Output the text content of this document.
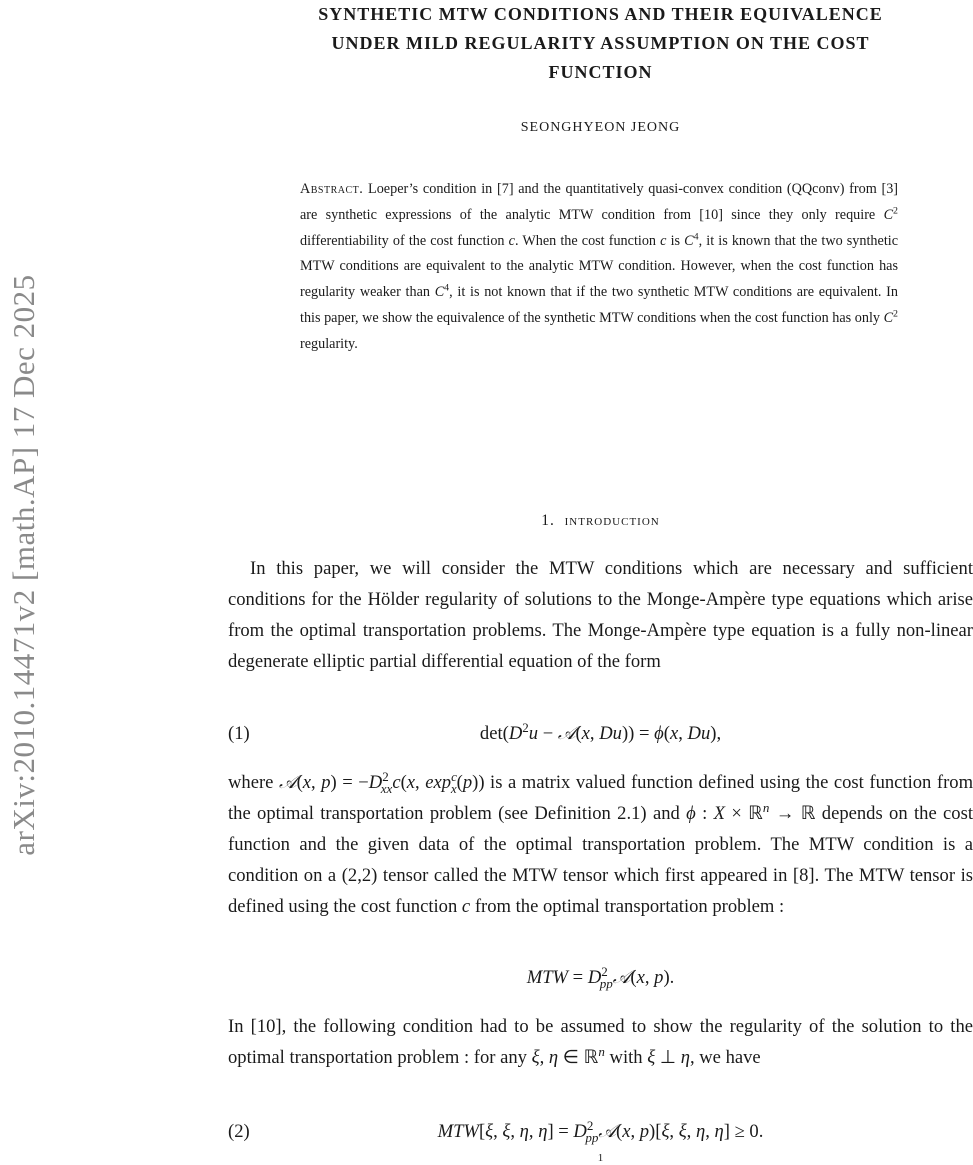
arXiv:2010.14471v2 [math.AP] 17 Dec 2025
SYNTHETIC MTW CONDITIONS AND THEIR EQUIVALENCE
UNDER MILD REGULARITY ASSUMPTION ON THE COST
FUNCTION
SEONGHYEON JEONG
Abstract. Loeper’s condition in [7] and the quantitatively quasi-convex condition (QQconv) from [3] are synthetic expressions of the analytic MTW condition from [10] since they only require $C^2$ differentiability of the cost function c. When the cost function c is $C^4$, it is known that the two synthetic MTW conditions are equivalent to the analytic MTW condition. However, when the cost function has regularity weaker than $C^4$, it is not known that if the two synthetic MTW conditions are equivalent. In this paper, we show the equivalence of the synthetic MTW conditions when the cost function has only $C^2$ regularity.
1. introduction

In this paper, we will consider the MTW conditions which are necessary and sufficient conditions for the Hölder regularity of solutions to the Monge-Ampère type equations which arise from the optimal transportation problems. The Monge-Ampère type equation is a fully non-linear degenerate elliptic partial differential equation of the form

(1)	$\det(D^2u$ − 𝒜(x, Du)) = ϕ(x, Du),

where 𝒜(x, $p) = -D^2_{xx}c(x$, $\exp^c_x(p)$) is a matrix valued function defined using the cost function from the optimal transportation problem (see Definition 2.1) and ϕ : X × ℝ$^n$ → ℝ depends on the cost function and the given data of the optimal transportation problem. The MTW condition is a condition on a (2,2) tensor called the MTW tensor which first appeared in [8]. The MTW tensor is defined using the cost function c from the optimal transportation problem :

MTW = $D^2_{pp}𝒜(x$, p).

In [10], the following condition had to be assumed to show the regularity of the solution to the optimal transportation problem : for any ξ, η ∈ ℝ$^n$ with ξ ⊥ η, we have

(2)	MTW[ξ, ξ, η, $\eta] = D^2_{pp}𝒜(x$, p)[ξ, ξ, η, η] ≥ 0.
1
